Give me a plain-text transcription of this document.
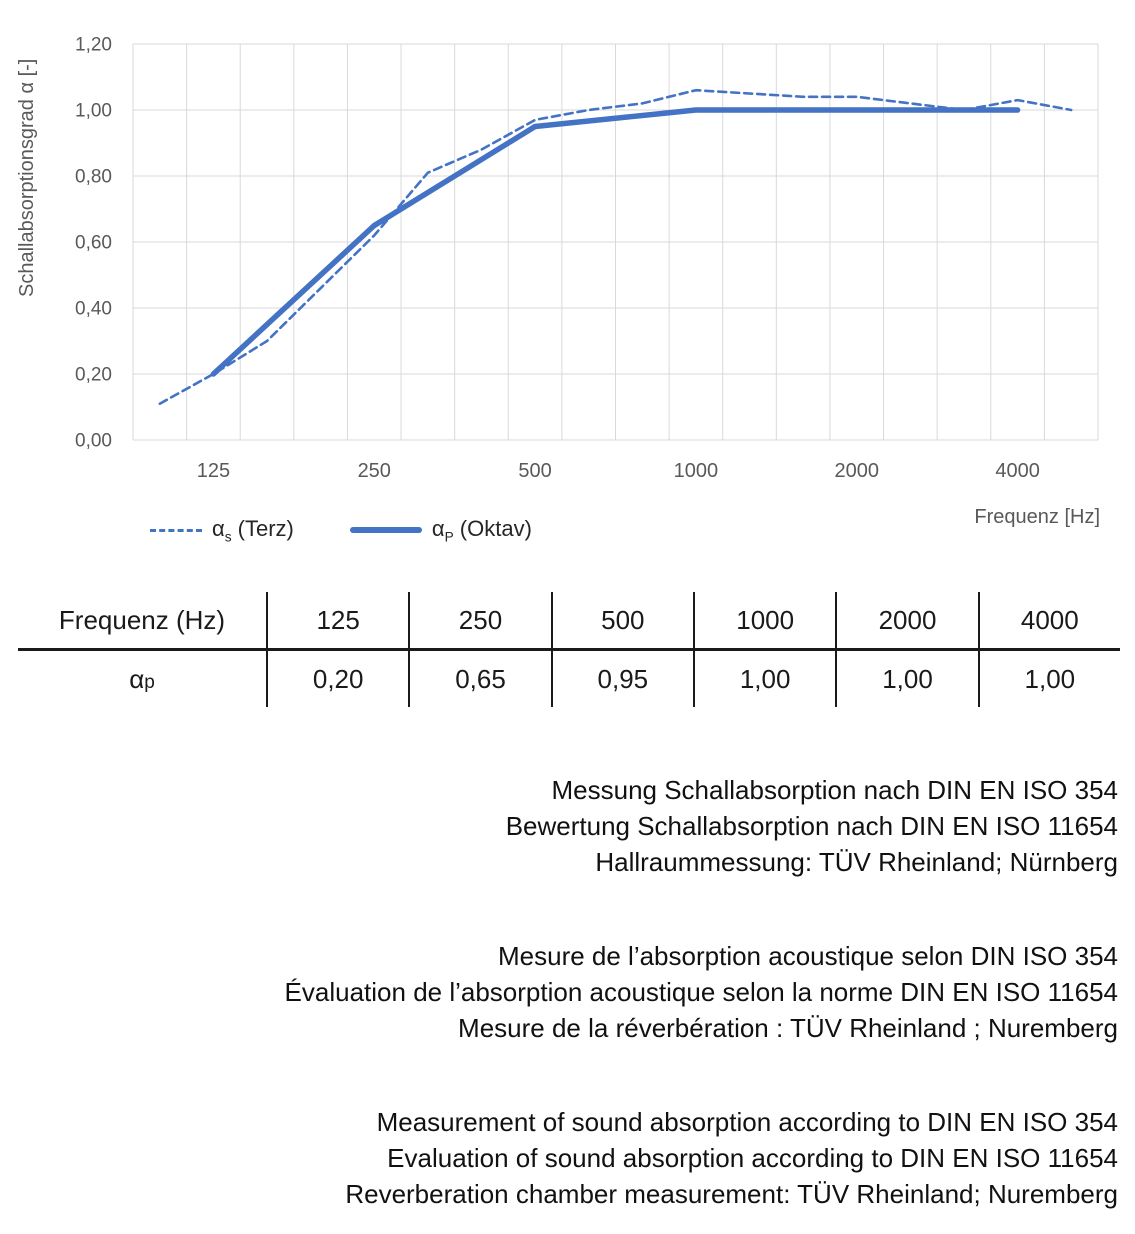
Schallabsorptionsgrad α [-]
1,20
1,00
0,80
0,60
0,40
0,20
0,00
125	250	500	1000	2000	4000
Frequenz [Hz]
$\alpha_s$ (Terz)	$\alpha_P$ (Oktav)
Frequenz (Hz)	125	250	500	1000	2000	4000
$\alpha_p$	0,20	0,65	0,95	1,00	1,00	1,00
Messung Schallabsorption nach DIN EN ISO 354
Bewertung Schallabsorption nach DIN EN ISO 11654
Hallraummessung: TÜV Rheinland; Nürnberg
Mesure de l’absorption acoustique selon DIN ISO 354
Évaluation de l’absorption acoustique selon la norme DIN EN ISO 11654
Mesure de la réverbération : TÜV Rheinland ; Nuremberg
Measurement of sound absorption according to DIN EN ISO 354
Evaluation of sound absorption according to DIN EN ISO 11654
Reverberation chamber measurement: TÜV Rheinland; Nuremberg
